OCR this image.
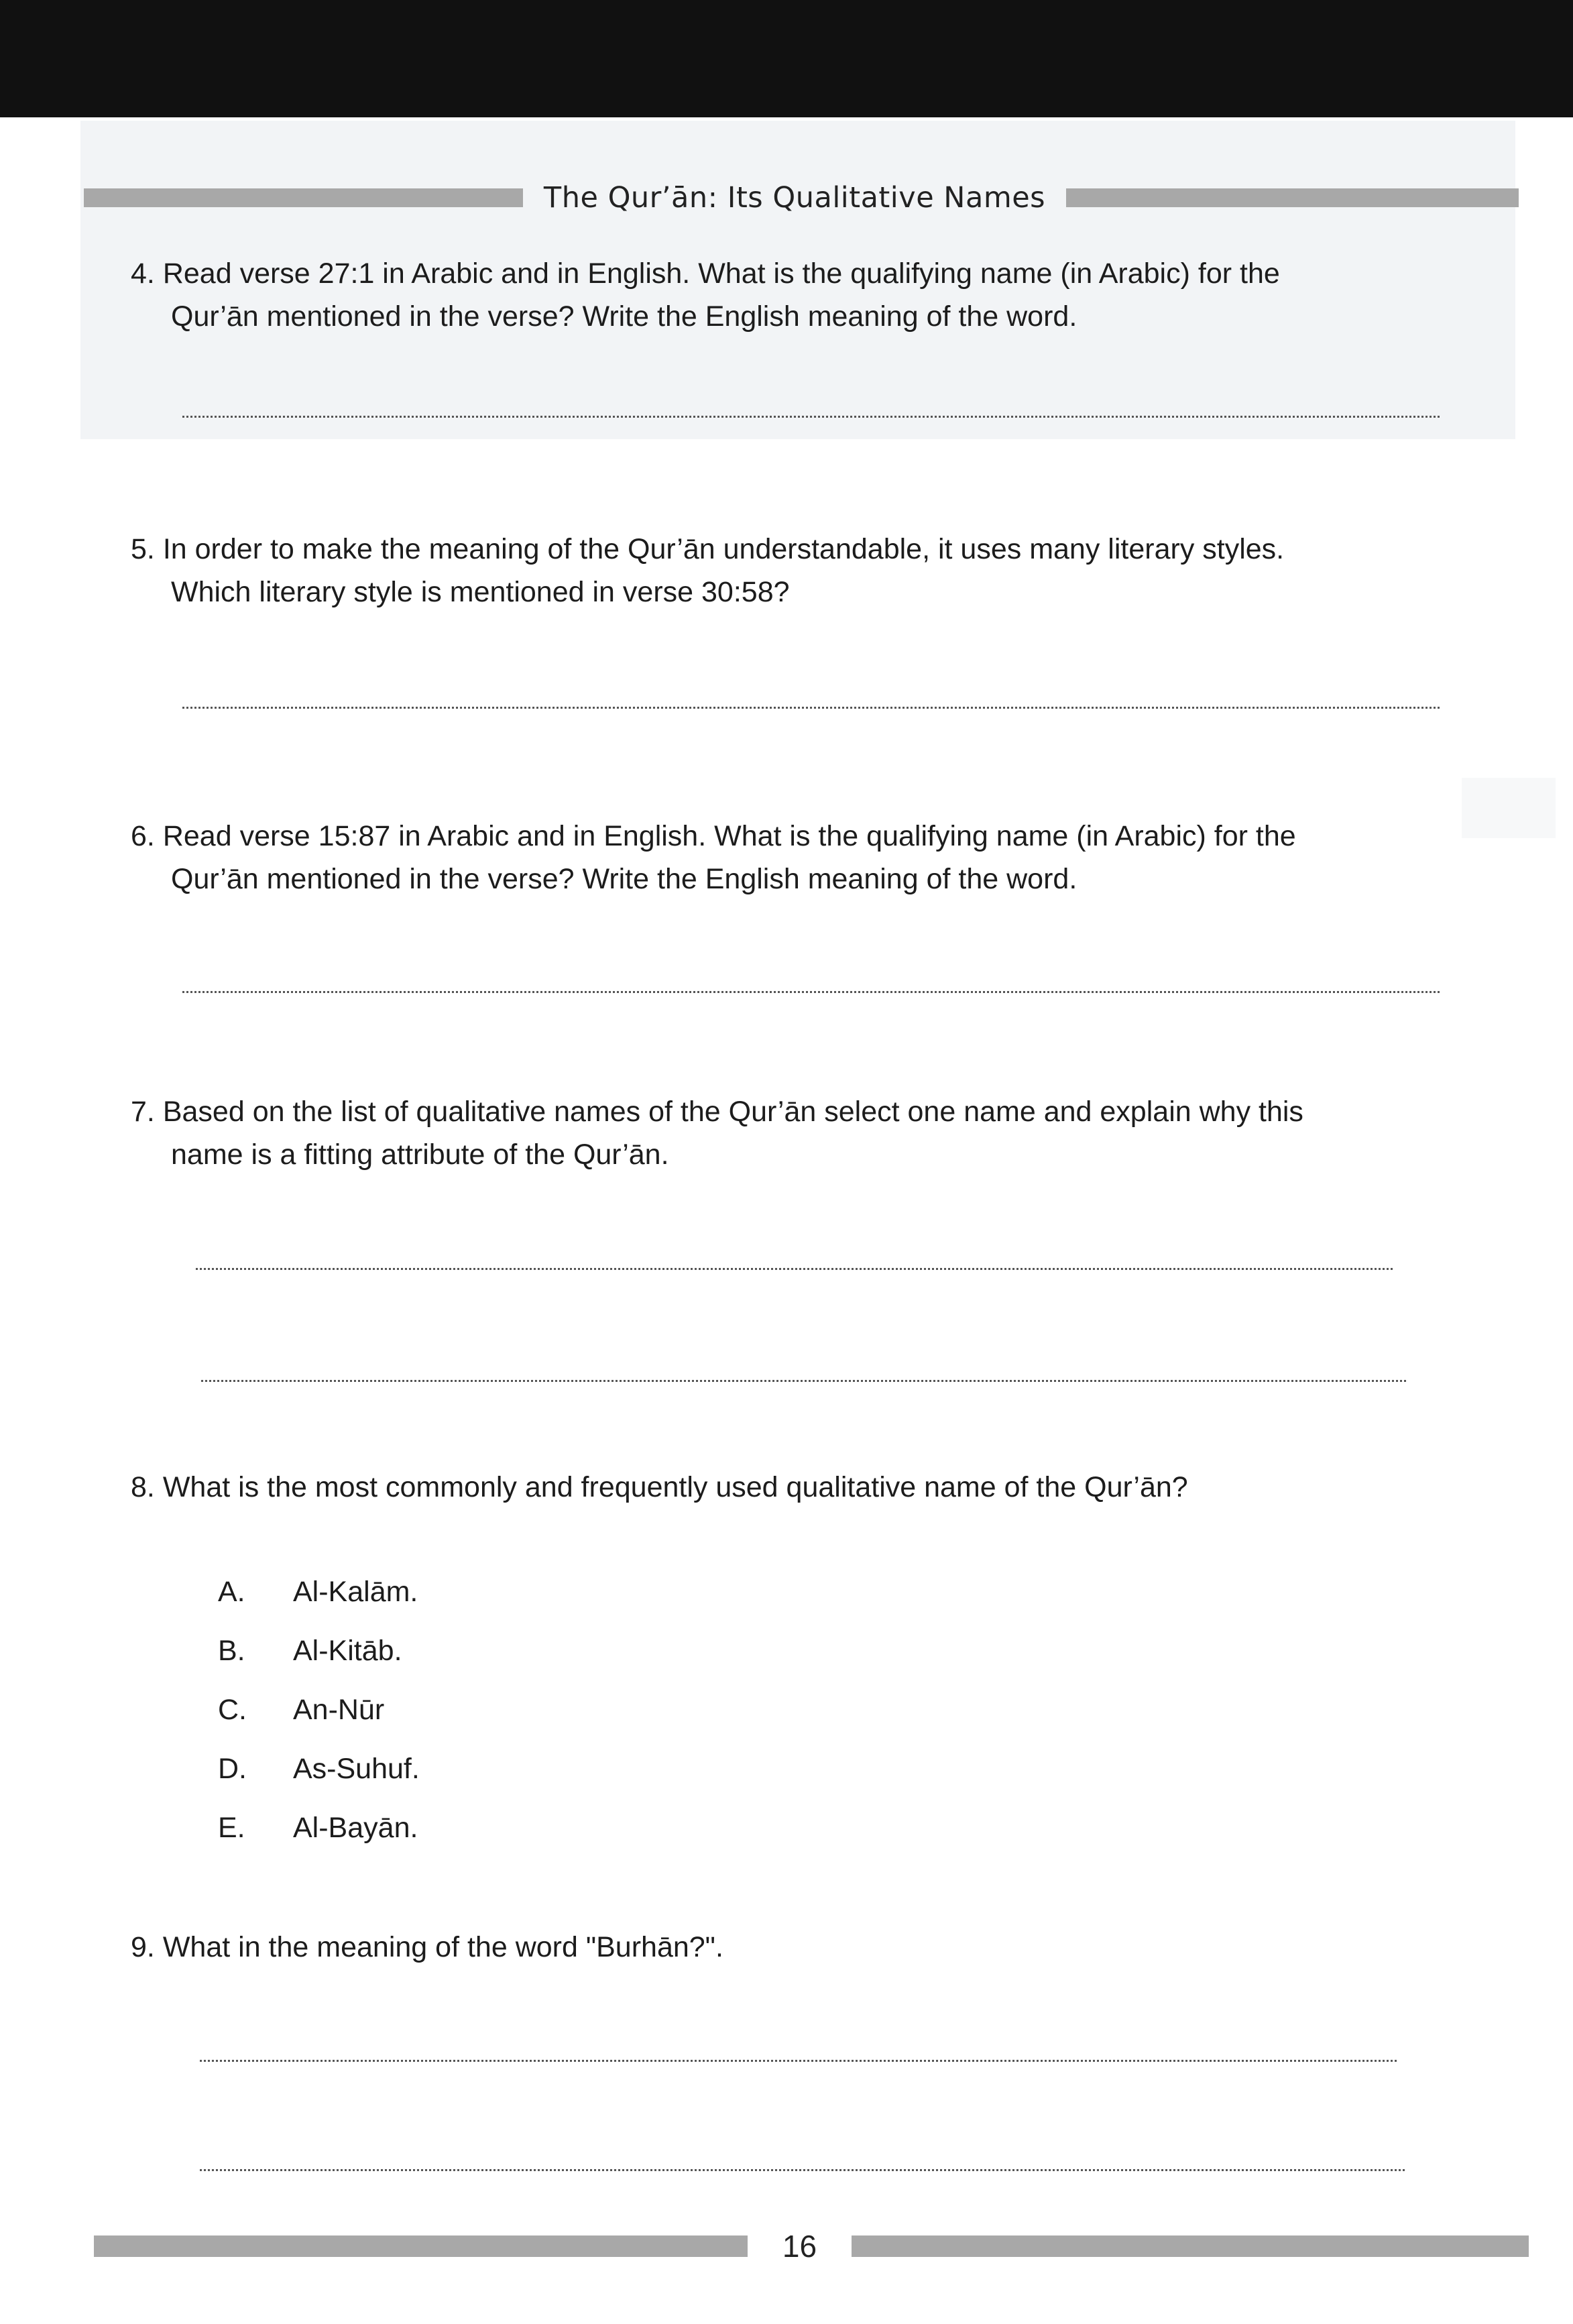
The Qur’ān: Its Qualitative Names
4. Read verse 27:1 in Arabic and in English. What is the qualifying name (in Arabic) for the
Qur’ān mentioned in the verse? Write the English meaning of the word.
5. In order to make the meaning of the Qur’ān understandable, it uses many literary styles.
Which literary style is mentioned in verse 30:58?
6. Read verse 15:87 in Arabic and in English. What is the qualifying name (in Arabic) for the
Qur’ān mentioned in the verse? Write the English meaning of the word.
7. Based on the list of qualitative names of the Qur’ān select one name and explain why this
name is a fitting attribute of the Qur’ān.
8. What is the most commonly and frequently used qualitative name of the Qur’ān?
A.	Al-Kalām.
B.	Al-Kitāb.
C.	An-Nūr
D.	As-Suhuf.
E.	Al-Bayān.
9. What in the meaning of the word "Burhān?".
16
